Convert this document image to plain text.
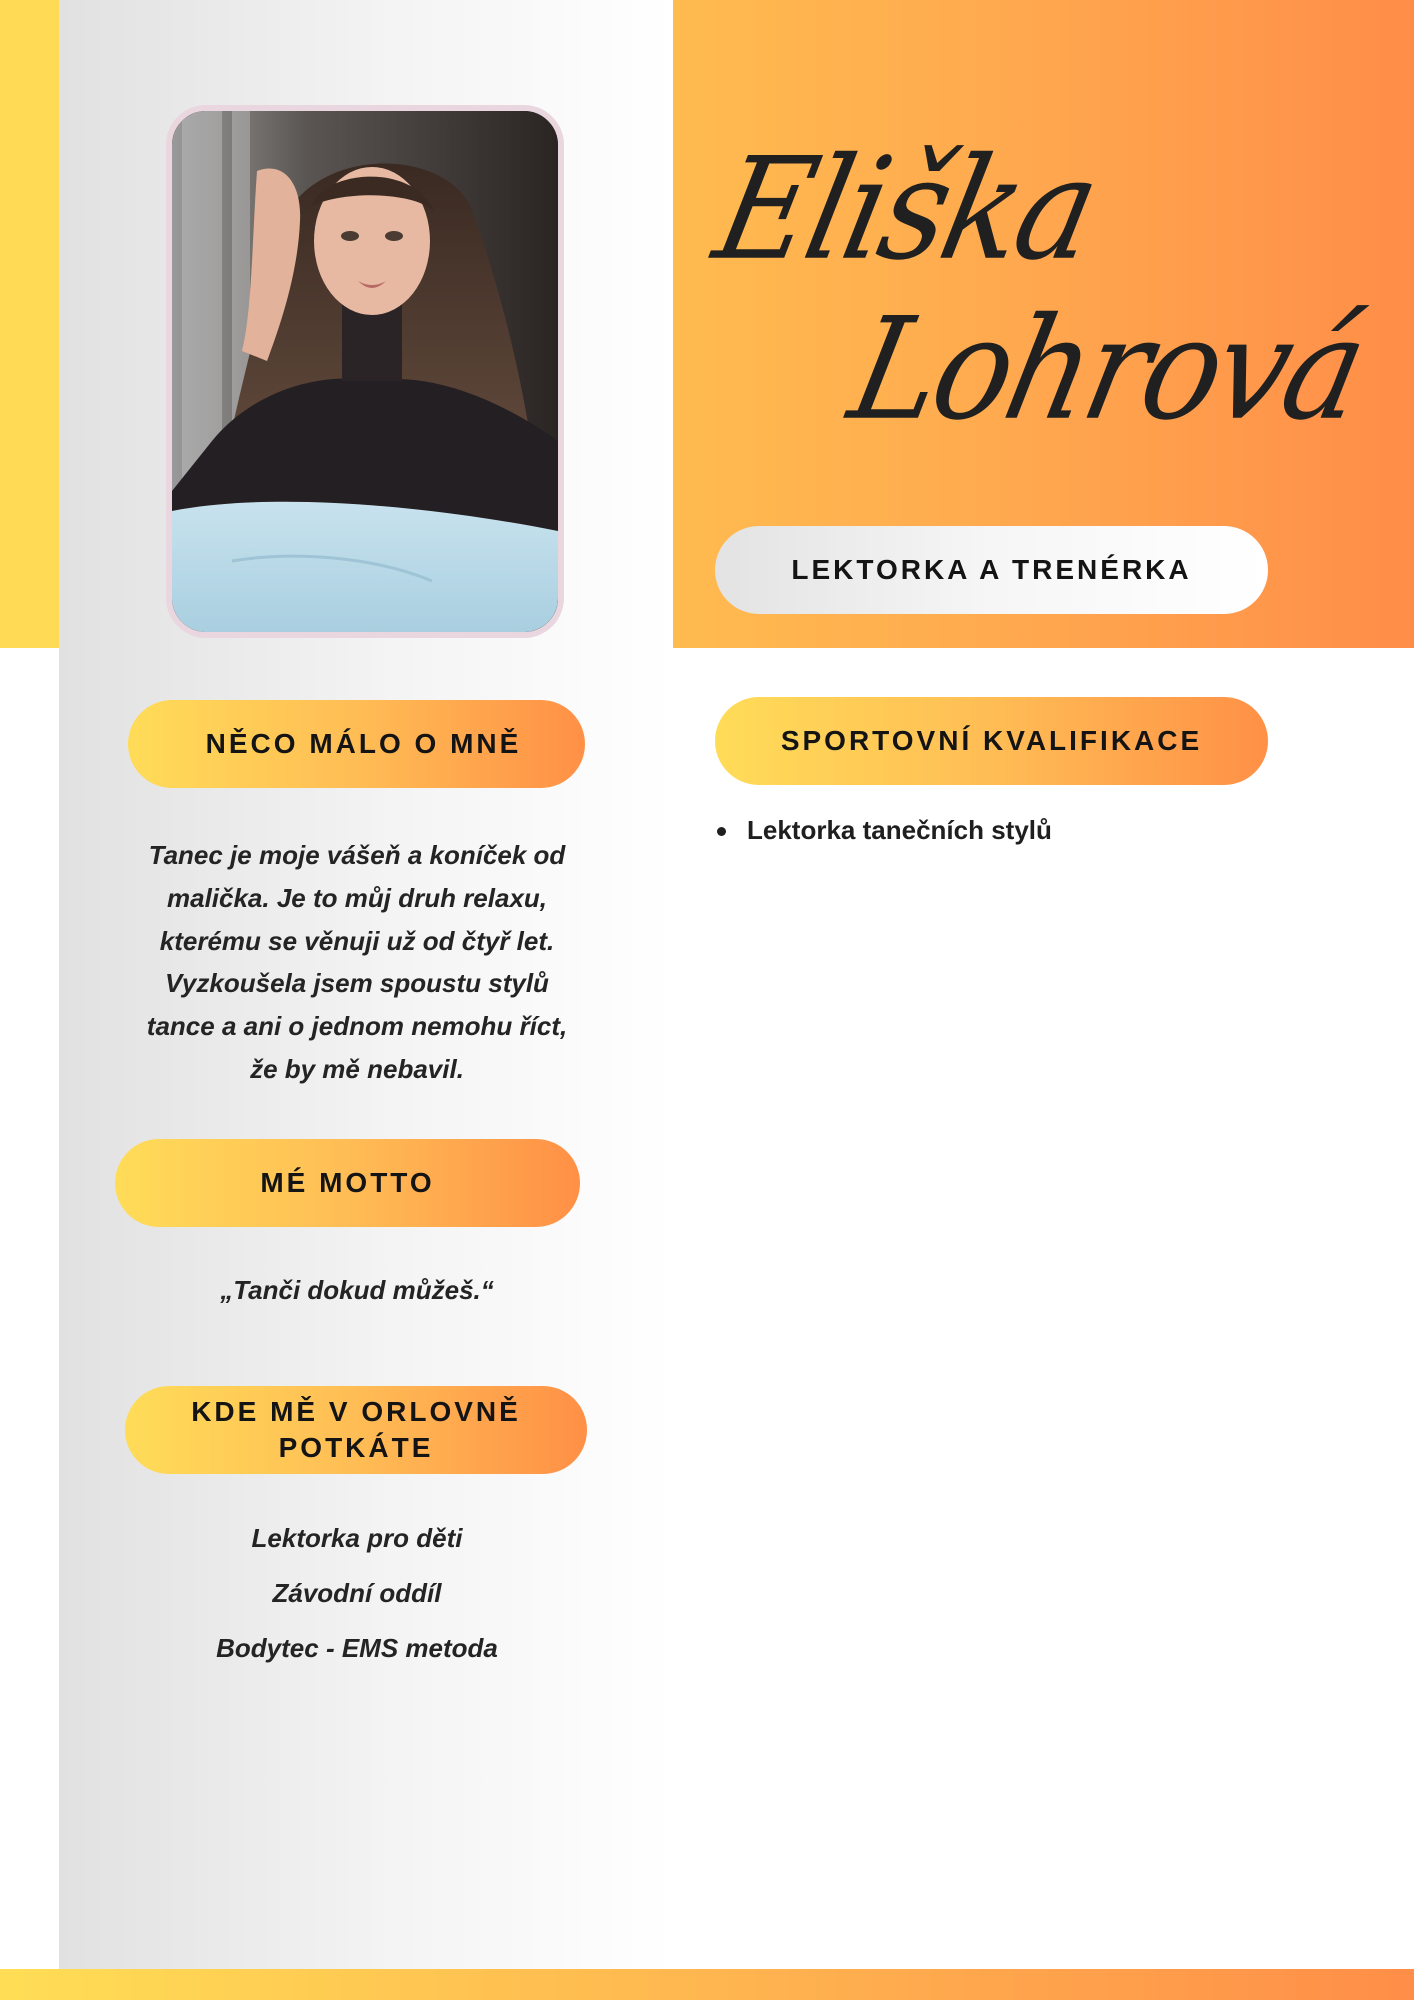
Eliška
Lohrová
LEKTORKA A TRENÉRKA
NĚCO MÁLO O MNĚ
Tanec je moje vášeň a koníček od
malička. Je to můj druh relaxu,
kterému se věnuji už od čtyř let.
Vyzkoušela jsem spoustu stylů
tance a ani o jednom nemohu říct,
že by mě nebavil.
MÉ MOTTO
„Tanči dokud můžeš.“
KDE MĚ V ORLOVNĚ POTKÁTE
Lektorka pro děti
Závodní oddíl
Bodytec - EMS metoda
SPORTOVNÍ KVALIFIKACE
Lektorka tanečních stylů
